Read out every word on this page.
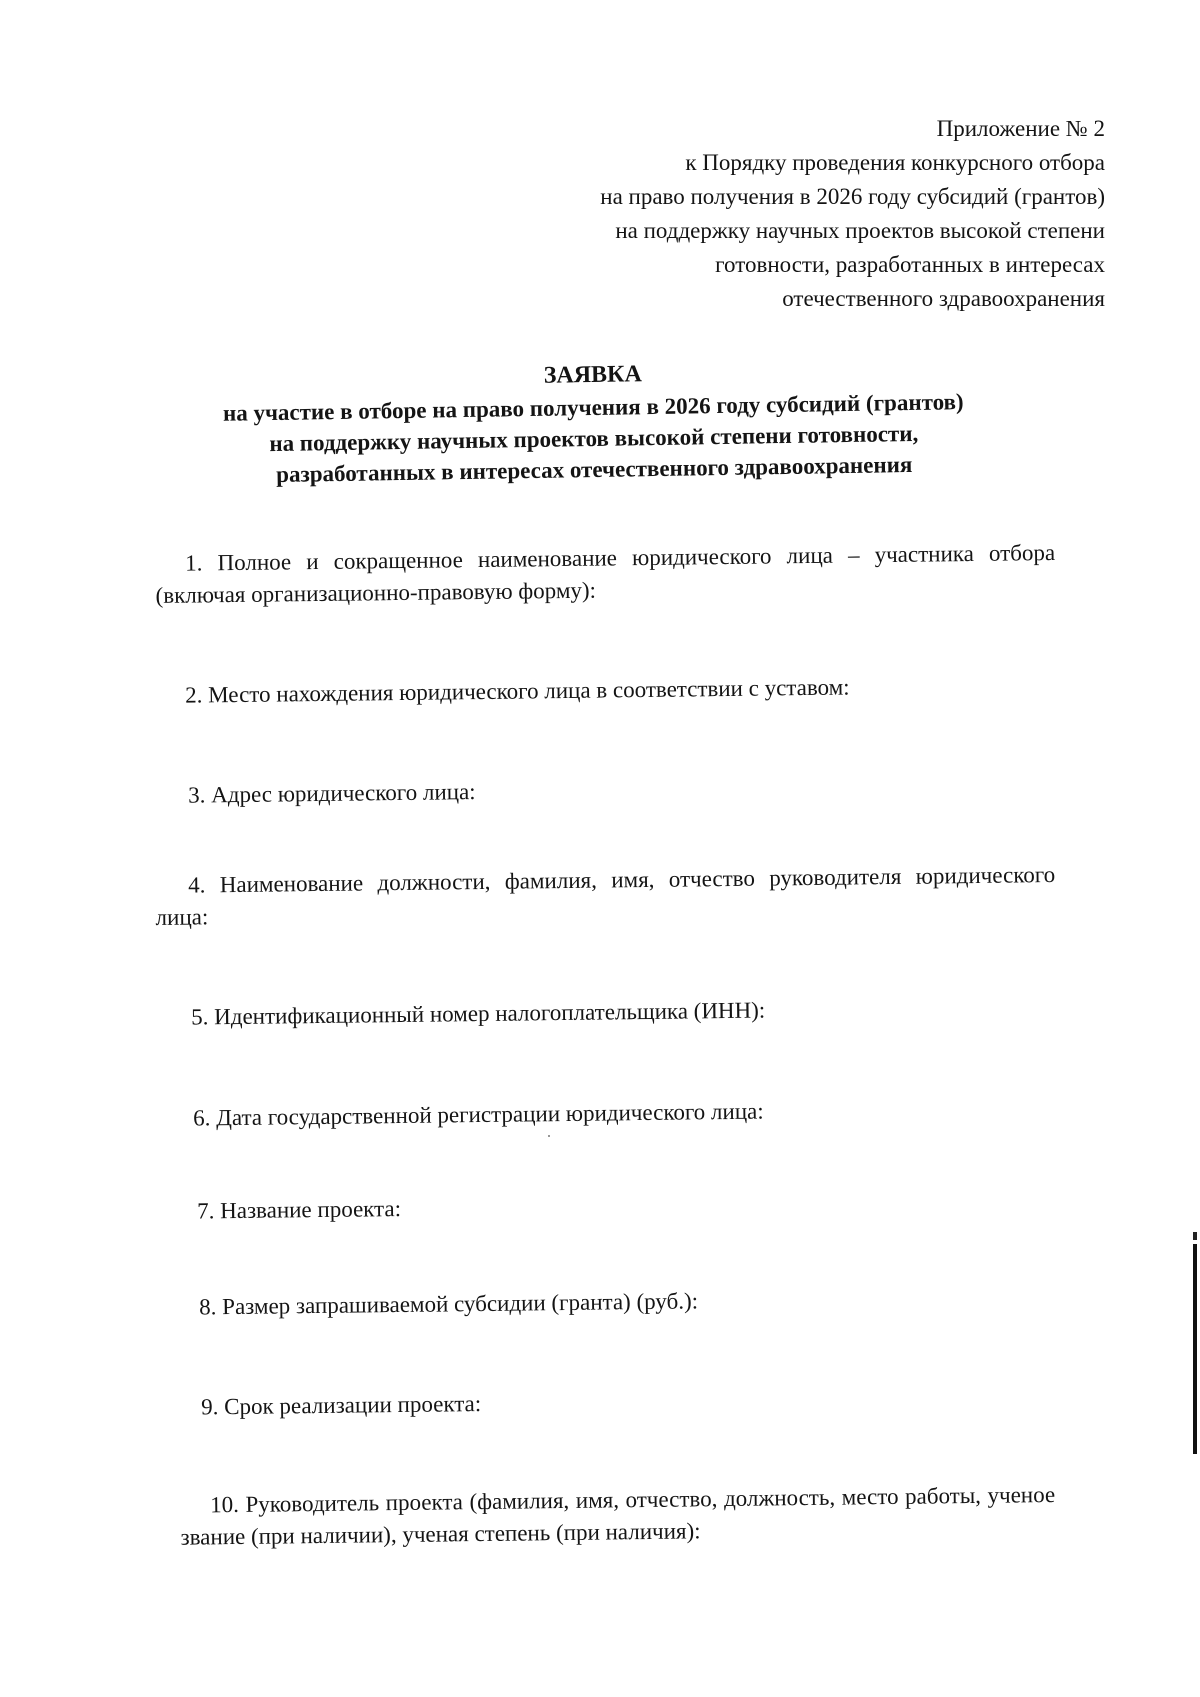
Приложение № 2
к Порядку проведения конкурсного отбора
на право получения в 2026 году субсидий (грантов)
на поддержку научных проектов высокой степени
готовности, разработанных в интересах
отечественного здравоохранения
ЗАЯВКА
на участие в отборе на право получения в 2026 году субсидий (грантов)
на поддержку научных проектов высокой степени готовности,
разработанных в интересах отечественного здравоохранения
1. Полное и сокращенное наименование юридического лица – участника отбора
(включая организационно-правовую форму):
2. Место нахождения юридического лица в соответствии с уставом:
3. Адрес юридического лица:
4. Наименование должности, фамилия, имя, отчество руководителя юридического
лица:
5. Идентификационный номер налогоплательщика (ИНН):
6. Дата государственной регистрации юридического лица:
7. Название проекта:
8. Размер запрашиваемой субсидии (гранта) (руб.):
9. Срок реализации проекта:
10. Руководитель проекта (фамилия, имя, отчество, должность, место работы, ученое
звание (при наличии), ученая степень (при наличия):
